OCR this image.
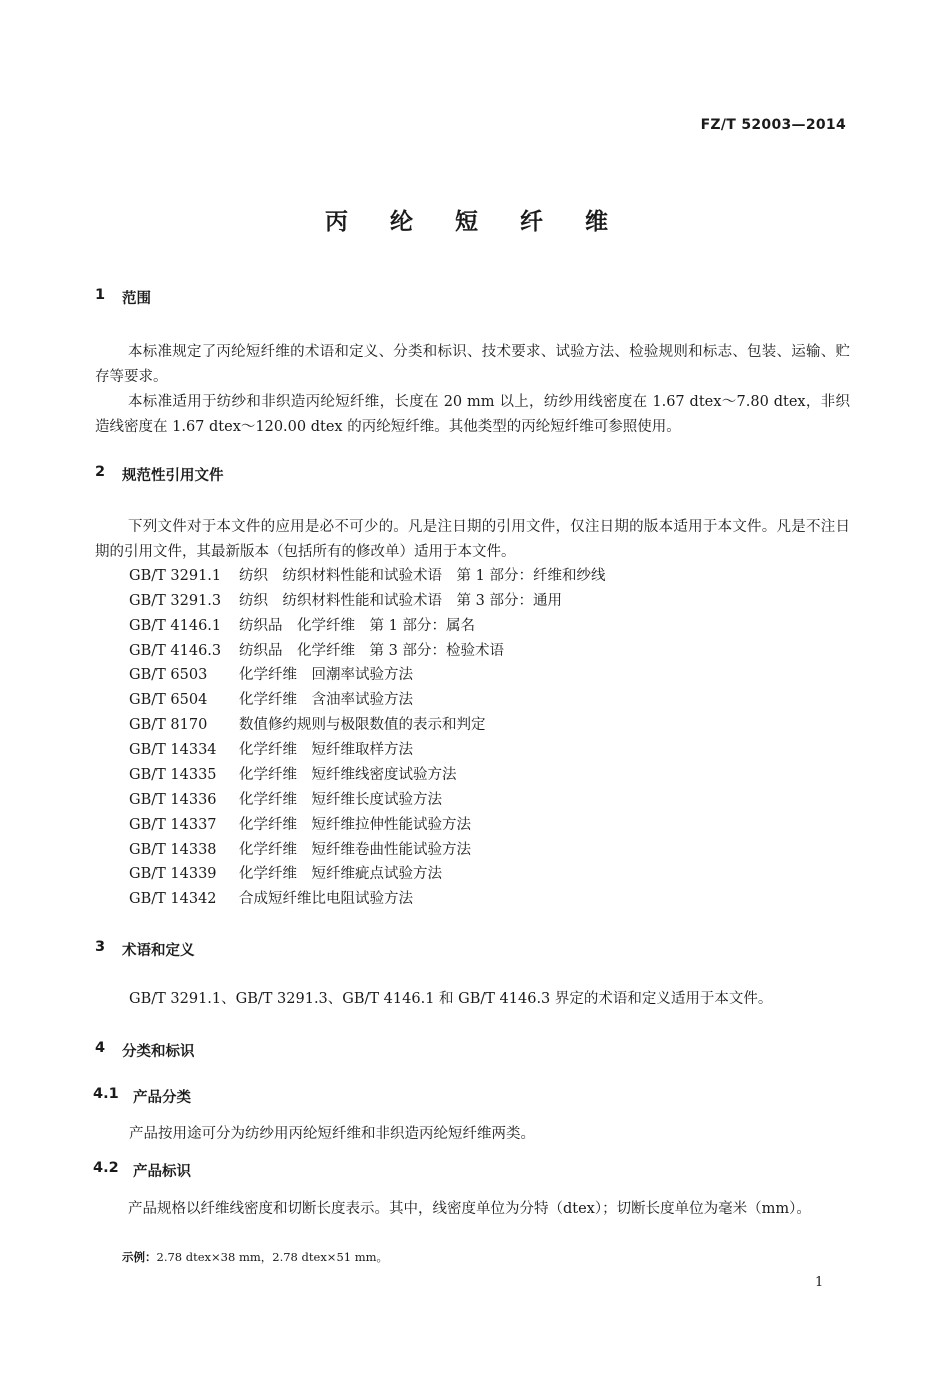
FZ/T 52003—2014
丙 纶 短 纤 维
1 范围
本标准规定了丙纶短纤维的术语和定义、分类和标识、技术要求、试验方法、检验规则和标志、包装、运输、贮存等要求。
本标准适用于纺纱和非织造丙纶短纤维，长度在 20 mm 以上，纺纱用线密度在 1.67 dtex～7.80 dtex，非织造线密度在 1.67 dtex～120.00 dtex 的丙纶短纤维。其他类型的丙纶短纤维可参照使用。
2 规范性引用文件
下列文件对于本文件的应用是必不可少的。凡是注日期的引用文件，仅注日期的版本适用于本文件。凡是不注日期的引用文件，其最新版本（包括所有的修改单）适用于本文件。
GB/T 3291.1 纺织　纺织材料性能和试验术语　第 1 部分：纤维和纱线
GB/T 3291.3 纺织　纺织材料性能和试验术语　第 3 部分：通用
GB/T 4146.1 纺织品　化学纤维　第 1 部分：属名
GB/T 4146.3 纺织品　化学纤维　第 3 部分：检验术语
GB/T 6503 化学纤维　回潮率试验方法
GB/T 6504 化学纤维　含油率试验方法
GB/T 8170 数值修约规则与极限数值的表示和判定
GB/T 14334 化学纤维　短纤维取样方法
GB/T 14335 化学纤维　短纤维线密度试验方法
GB/T 14336 化学纤维　短纤维长度试验方法
GB/T 14337 化学纤维　短纤维拉伸性能试验方法
GB/T 14338 化学纤维　短纤维卷曲性能试验方法
GB/T 14339 化学纤维　短纤维疵点试验方法
GB/T 14342 合成短纤维比电阻试验方法
3 术语和定义
GB/T 3291.1、GB/T 3291.3、GB/T 4146.1 和 GB/T 4146.3 界定的术语和定义适用于本文件。
4 分类和标识
4.1 产品分类
产品按用途可分为纺纱用丙纶短纤维和非织造丙纶短纤维两类。
4.2 产品标识
产品规格以纤维线密度和切断长度表示。其中，线密度单位为分特（dtex）；切断长度单位为毫米（mm）。
示例：2.78 dtex×38 mm，2.78 dtex×51 mm。
1
